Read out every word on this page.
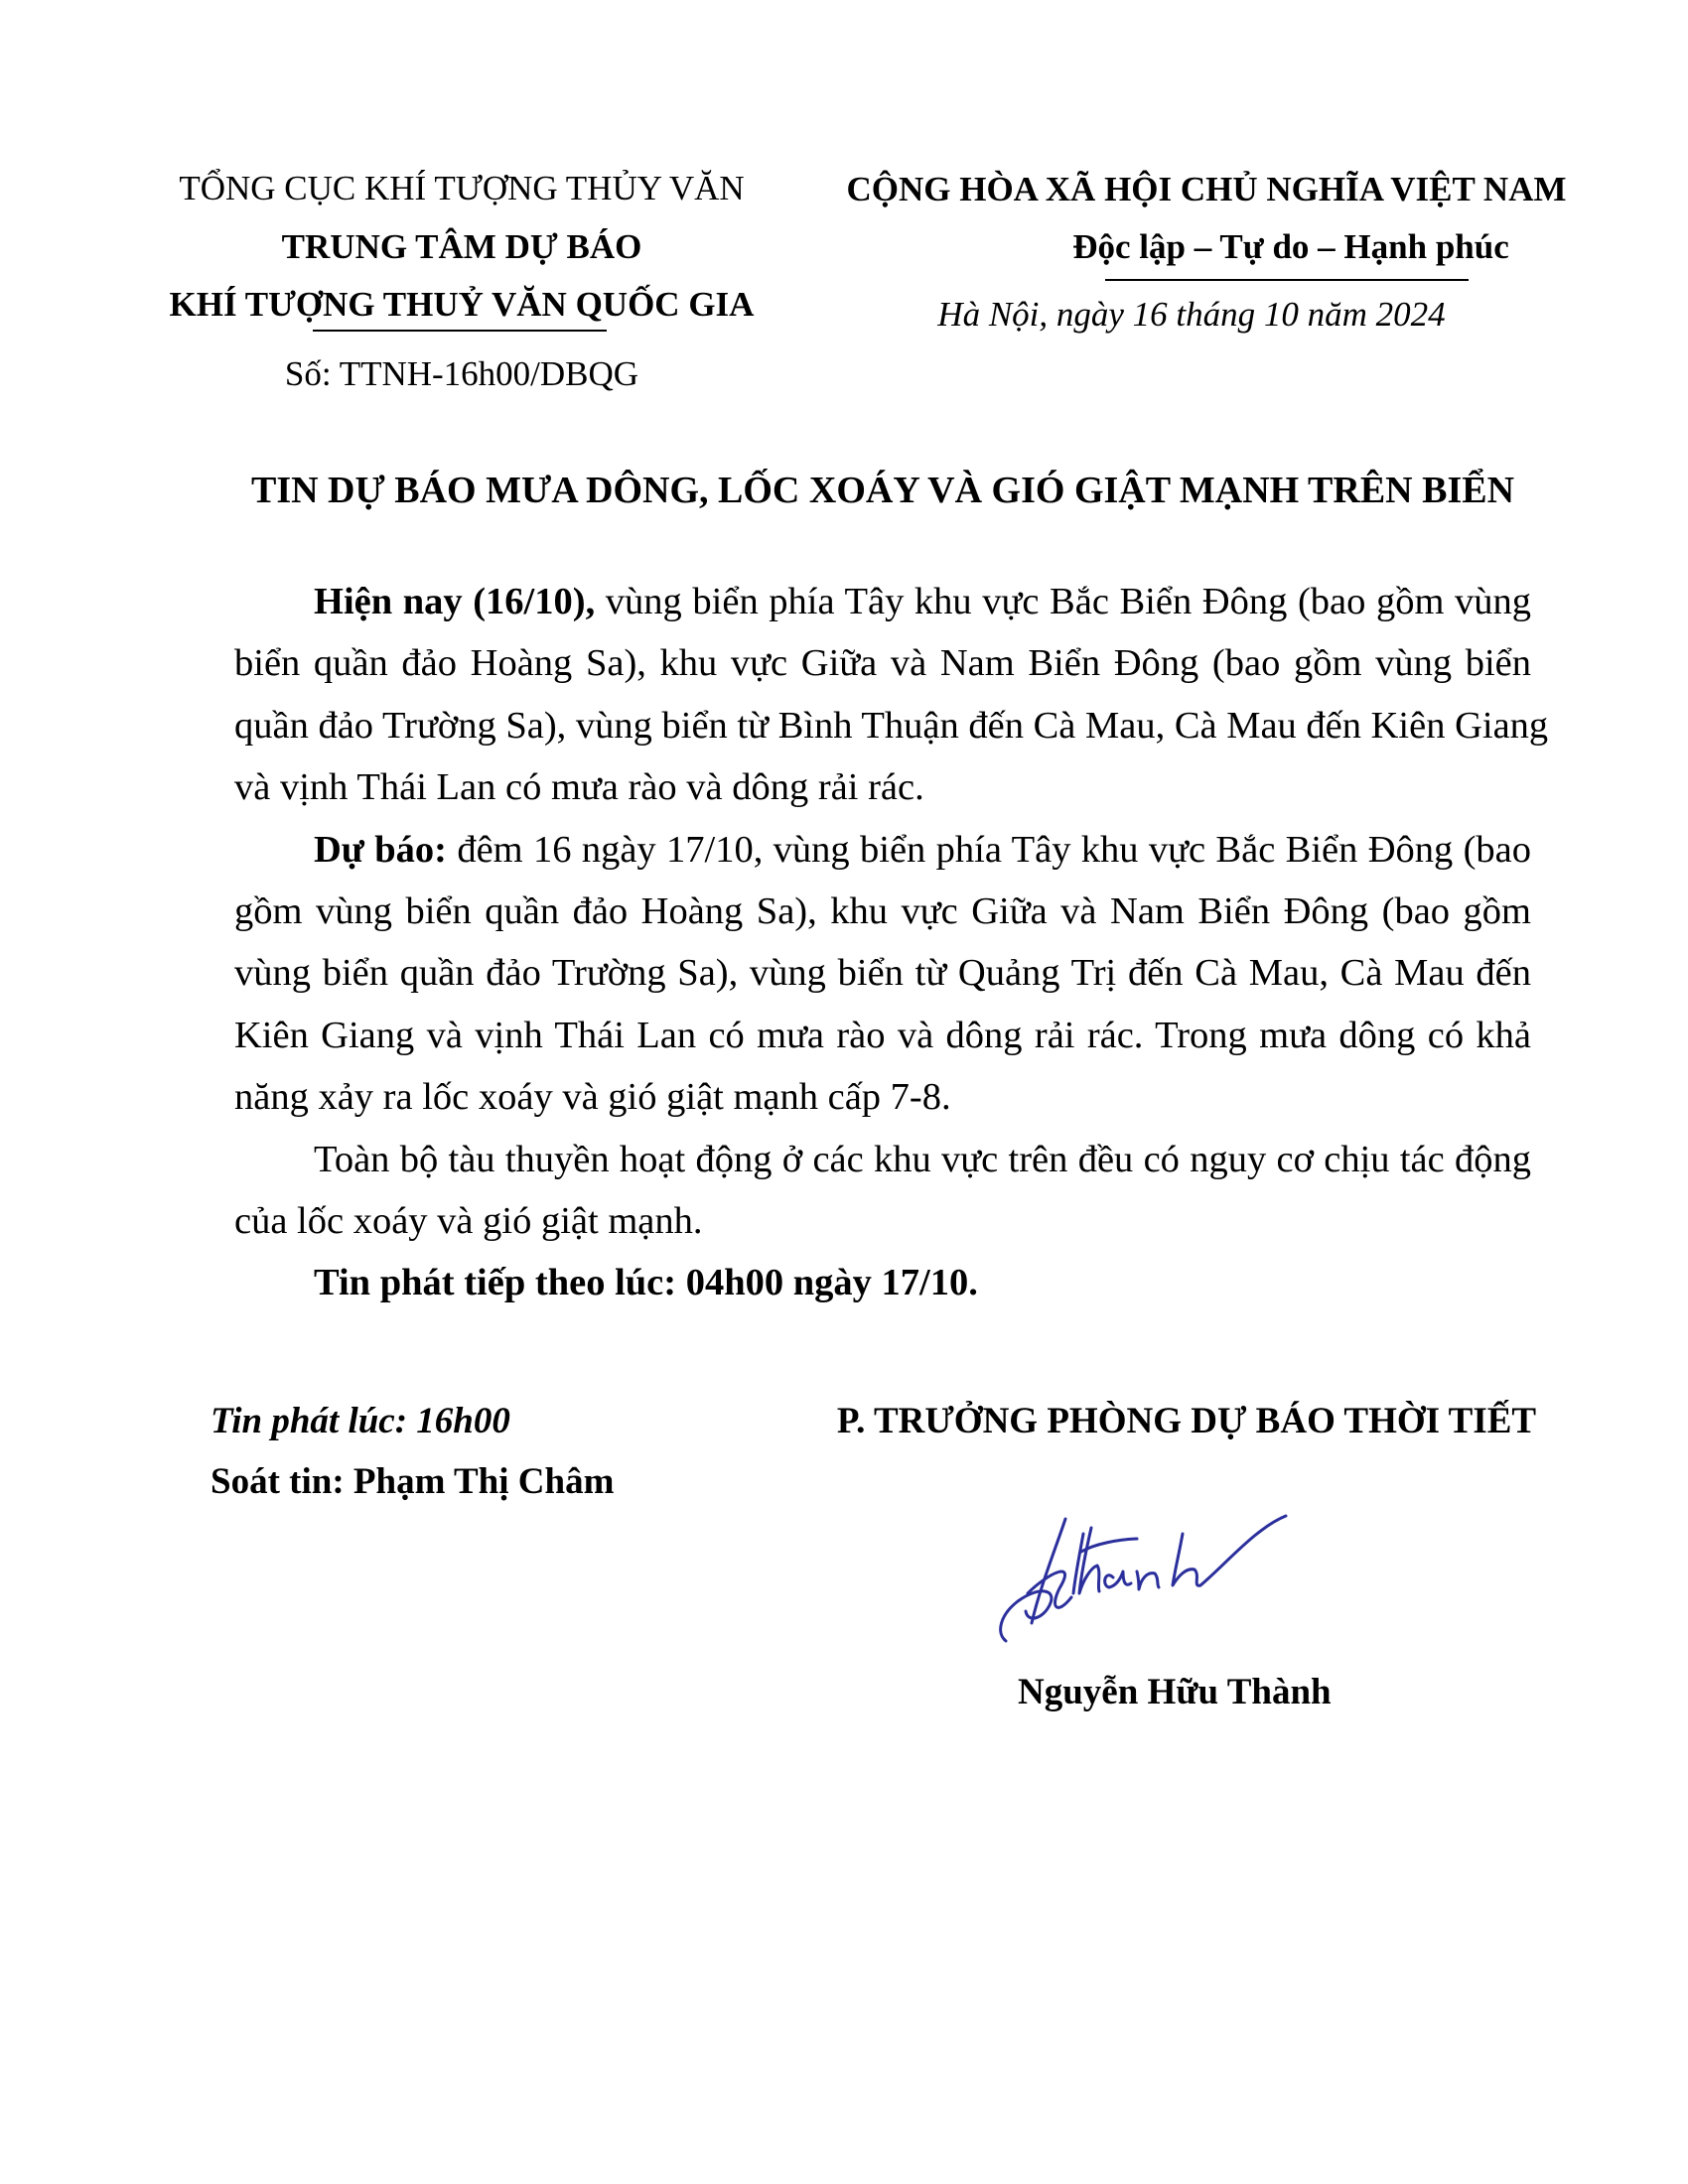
TỔNG CỤC KHÍ TƯỢNG THỦY VĂN
TRUNG TÂM DỰ BÁO
KHÍ TƯỢNG THUỶ VĂN QUỐC GIA
Số: TTNH-16h00/DBQG
CỘNG HÒA XÃ HỘI CHỦ NGHĨA VIỆT NAM
Độc lập – Tự do – Hạnh phúc
Hà Nội, ngày 16 tháng 10 năm 2024
TIN DỰ BÁO MƯA DÔNG, LỐC XOÁY VÀ GIÓ GIẬT MẠNH TRÊN BIỂN
Hiện nay (16/10), vùng biển phía Tây khu vực Bắc Biển Đông (bao gồm vùng
biển quần đảo Hoàng Sa), khu vực Giữa và Nam Biển Đông (bao gồm vùng biển
quần đảo Trường Sa), vùng biển từ Bình Thuận đến Cà Mau, Cà Mau đến Kiên Giang
và vịnh Thái Lan có mưa rào và dông rải rác.
Dự báo: đêm 16 ngày 17/10, vùng biển phía Tây khu vực Bắc Biển Đông (bao
gồm vùng biển quần đảo Hoàng Sa), khu vực Giữa và Nam Biển Đông (bao gồm
vùng biển quần đảo Trường Sa), vùng biển từ Quảng Trị đến Cà Mau, Cà Mau đến
Kiên Giang và vịnh Thái Lan có mưa rào và dông rải rác. Trong mưa dông có khả
năng xảy ra lốc xoáy và gió giật mạnh cấp 7-8.
Toàn bộ tàu thuyền hoạt động ở các khu vực trên đều có nguy cơ chịu tác động
của lốc xoáy và gió giật mạnh.
Tin phát tiếp theo lúc: 04h00 ngày 17/10.
Tin phát lúc: 16h00
Soát tin: Phạm Thị Châm
P. TRƯỞNG PHÒNG DỰ BÁO THỜI TIẾT
Nguyễn Hữu Thành
